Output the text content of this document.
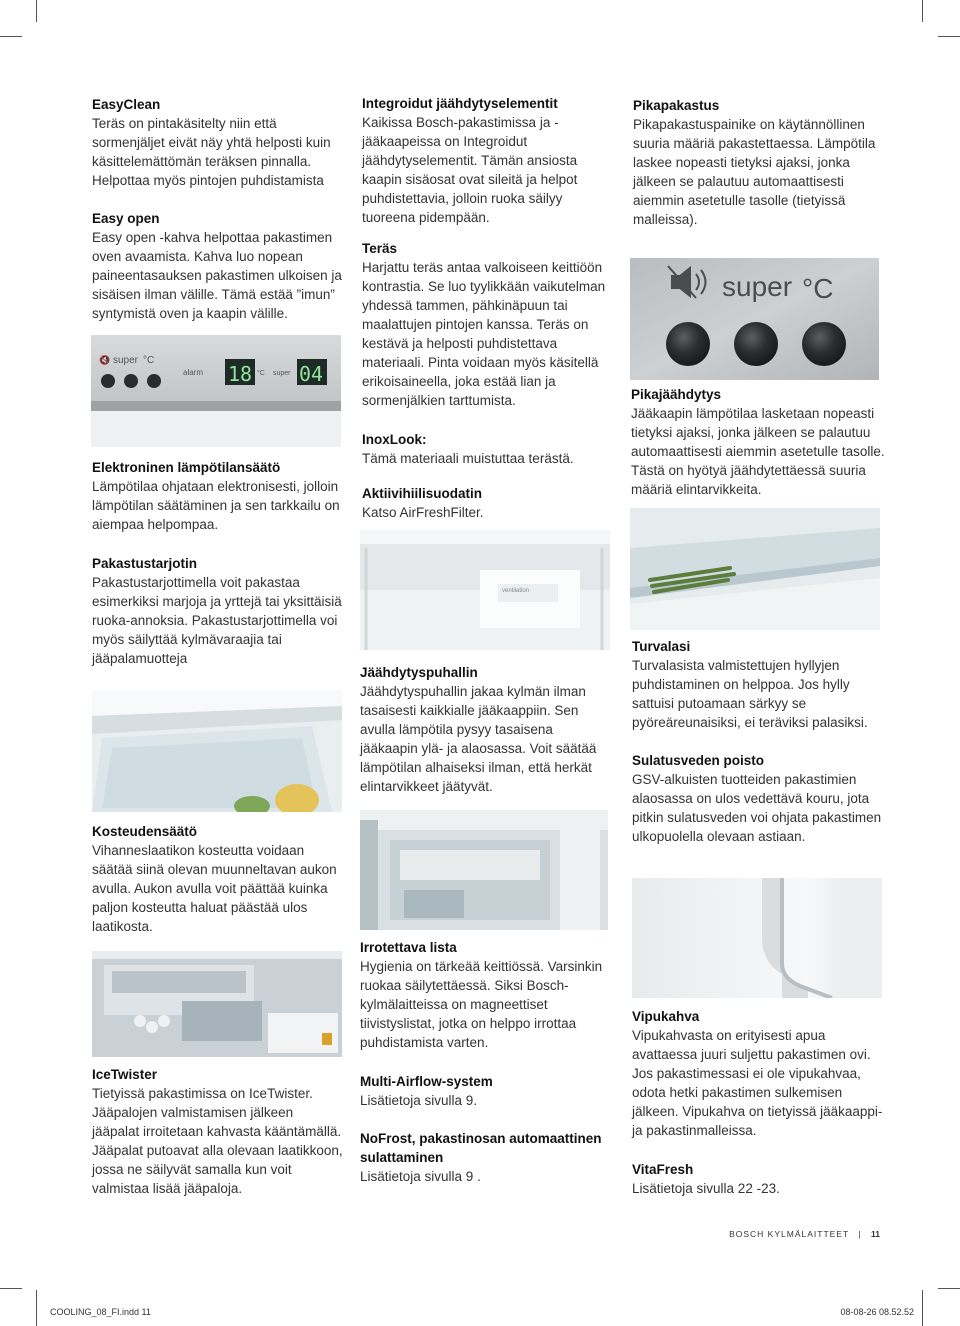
EasyClean

Teräs on pintakäsitelty niin että sormenjäljet eivät näy yhtä helposti kuin käsittelemättömän teräksen pinnalla. Helpottaa myös pintojen puhdistamista

Easy open

Easy open -kahva helpottaa pakastimen oven avaamista. Kahva luo nopean paineentasauksen pakastimen ulkoisen ja sisäisen ilman välille. Tämä estää ”imun” syntymistä oven ja kaapin välille.

🔇 super °C
alarm 18 °C super 04
Elektroninen lämpötilansäätö

Lämpötilaa ohjataan elektronisesti, jolloin lämpötilan säätäminen ja sen tarkkailu on aiempaa helpompaa.

Pakastustarjotin

Pakastustarjottimella voit pakastaa esimerkiksi marjoja ja yrttejä tai yksittäisiä ruoka-annoksia. Pakastustarjottimella voi myös säilyttää kylmävaraajia tai jääpalamuotteja

Kosteudensäätö

Vihanneslaatikon kosteutta voidaan säätää siinä olevan muunneltavan aukon avulla. Aukon avulla voit päättää kuinka paljon kosteutta haluat päästää ulos laatikosta.

IceTwister

Tietyissä pakastimissa on IceTwister. Jääpalojen valmistamisen jälkeen jääpalat irroitetaan kahvasta kääntämällä. Jääpalat putoavat alla olevaan laatikkoon, jossa ne säilyvät samalla kun voit valmistaa lisää jääpaloja.

Integroidut jäähdytyselementit

Kaikissa Bosch-pakastimissa ja -jääkaapeissa on Integroidut jäähdytyselementit. Tämän ansiosta kaapin sisäosat ovat sileitä ja helpot puhdistettavia, jolloin ruoka säilyy tuoreena pidempään.

Teräs

Harjattu teräs antaa valkoiseen keittiöön kontrastia. Se luo tyylikkään vaikutelman yhdessä tammen, pähkinäpuun tai maalattujen pintojen kanssa. Teräs on kestävä ja helposti puhdistettava materiaali. Pinta voidaan myös käsitellä erikoisaineella, joka estää lian ja sormenjälkien tarttumista.

InoxLook:

Tämä materiaali muistuttaa terästä.

Aktiivihiilisuodatin

Katso AirFreshFilter.

ventilation
Jäähdytyspuhallin

Jäähdytyspuhallin jakaa kylmän ilman tasaisesti kaikkialle jääkaappiin. Sen avulla lämpötila pysyy tasaisena jääkaapin ylä- ja alaosassa. Voit säätää lämpötilan alhaiseksi ilman, että herkät elintarvikkeet jäätyvät.

Irrotettava lista

Hygienia on tärkeää keittiössä. Varsinkin ruokaa säilytettäessä. Siksi Bosch-kylmälaitteissa on magneettiset tiivistyslistat, jotka on helppo irrottaa puhdistamista varten.

Multi-Airflow-system

Lisätietoja sivulla 9.

NoFrost, pakastinosan automaattinen sulattaminen

Lisätietoja sivulla 9 .

Pikapakastus

Pikapakastuspainike on käytännöllinen suuria määriä pakastettaessa. Lämpötila laskee nopeasti tietyksi ajaksi, jonka jälkeen se palautuu automaattisesti aiemmin asetetulle tasolle (tietyissä malleissa).

super °C
Pikajäähdytys

Jääkaapin lämpötilaa lasketaan nopeasti tietyksi ajaksi, jonka jälkeen se palautuu automaattisesti aiemmin asetetulle tasolle. Tästä on hyötyä jäähdytettäessä suuria määriä elintarvikkeita.

Turvalasi

Turvalasista valmistettujen hyllyjen puhdistaminen on helppoa. Jos hylly sattuisi putoamaan särkyy se pyöreäreunaisiksi, ei teräviksi palasiksi.

Sulatusveden poisto

GSV-alkuisten tuotteiden pakastimien alaosassa on ulos vedettävä kouru, jota pitkin sulatusveden voi ohjata pakastimen ulkopuolella olevaan astiaan.

Vipukahva

Vipukahvasta on erityisesti apua avattaessa juuri suljettu pakastimen ovi. Jos pakastimessasi ei ole vipukahvaa, odota hetki pakastimen sulkemisen jälkeen. Vipukahva on tietyissä jääkaappi- ja pakastinmalleissa.

VitaFresh

Lisätietoja sivulla 22 -23.

BOSCH KYLMÄLAITTEET | 11
COOLING_08_FI.indd 11	08-08-26 08.52.52
